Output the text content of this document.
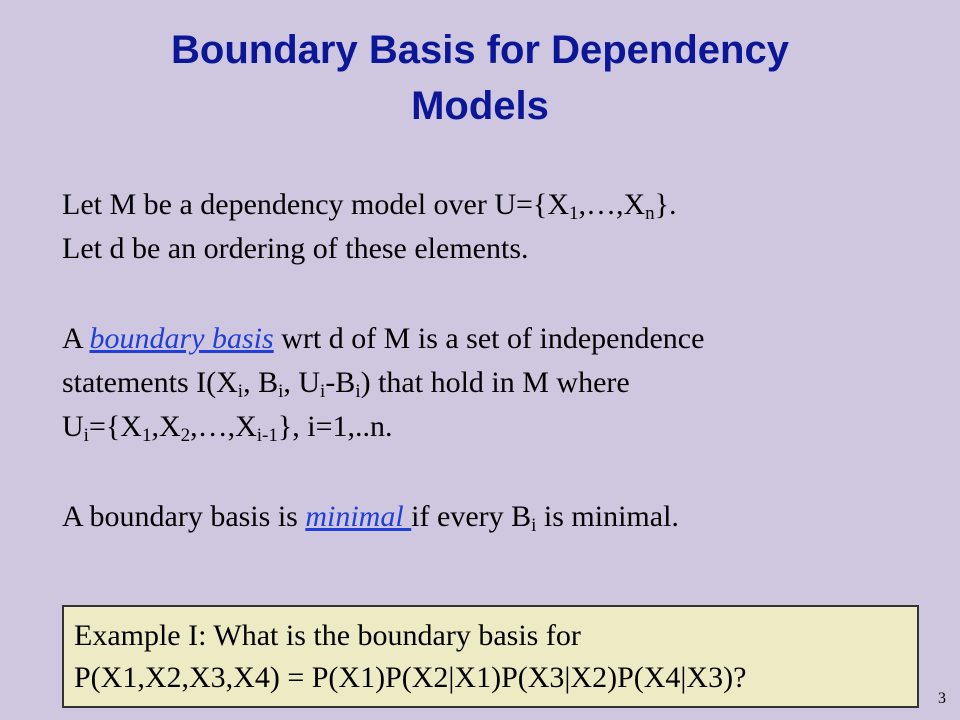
Boundary Basis for Dependency
Models
Let M be a dependency model over $U=\{X_1,\dots,X_n\}$.
Let d be an ordering of these elements.
A boundary basis wrt d of M is a set of independence
statements $I(X_i$, $B_i$, $U_i-B_i$) that hold in M where
$U_i=\{X_1,X_2,\dots,X_{i-1}\}$, i=1,..n.
A boundary basis is minimal if every $B_i$ is minimal.
Example I: What is the boundary basis for
P(X1,X2,X3,X4) = P(X1)P(X2|X1)P(X3|X2)P(X4|X3)?
3
